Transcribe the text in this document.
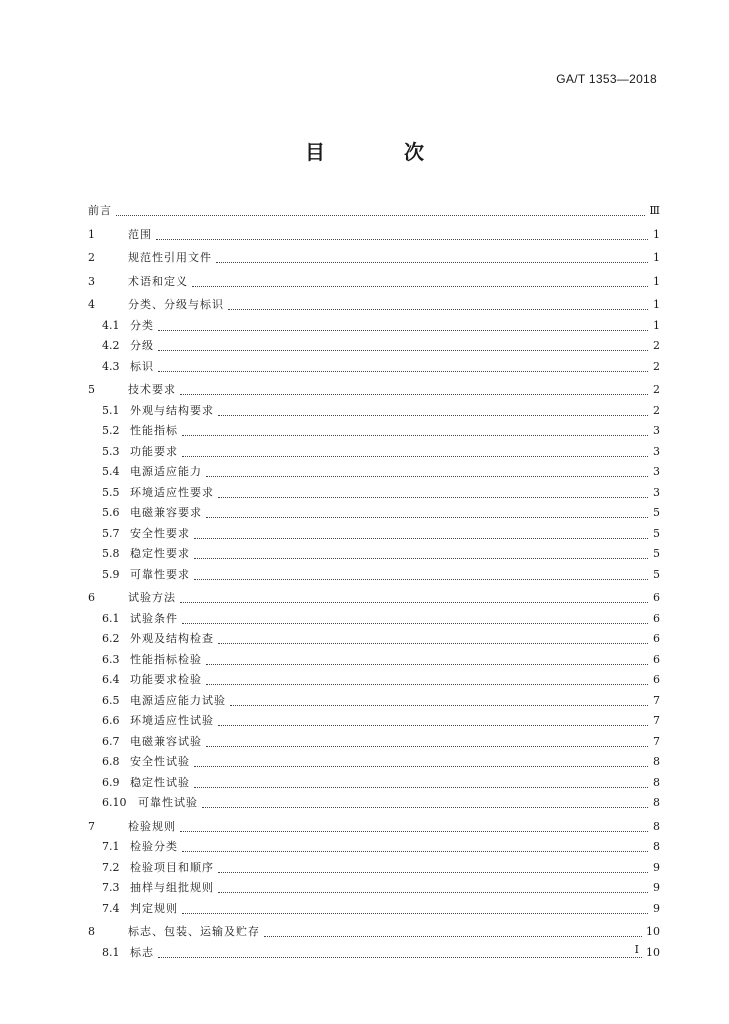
GA/T 1353—2018
目 次
前言	Ⅲ
1	范围	1
2	规范性引用文件	1
3	术语和定义	1
4	分类、分级与标识	1
4.1 分类	1
4.2 分级	2
4.3 标识	2
5	技术要求	2
5.1 外观与结构要求	2
5.2 性能指标	3
5.3 功能要求	3
5.4 电源适应能力	3
5.5 环境适应性要求	3
5.6 电磁兼容要求	5
5.7 安全性要求	5
5.8 稳定性要求	5
5.9 可靠性要求	5
6	试验方法	6
6.1 试验条件	6
6.2 外观及结构检查	6
6.3 性能指标检验	6
6.4 功能要求检验	6
6.5 电源适应能力试验	7
6.6 环境适应性试验	7
6.7 电磁兼容试验	7
6.8 安全性试验	8
6.9 稳定性试验	8
6.10	可靠性试验	8
7	检验规则	8
7.1 检验分类	8
7.2 检验项目和顺序	9
7.3 抽样与组批规则	9
7.4 判定规则	9
8	标志、包装、运输及贮存	10
8.1 标志	10
Ⅰ
